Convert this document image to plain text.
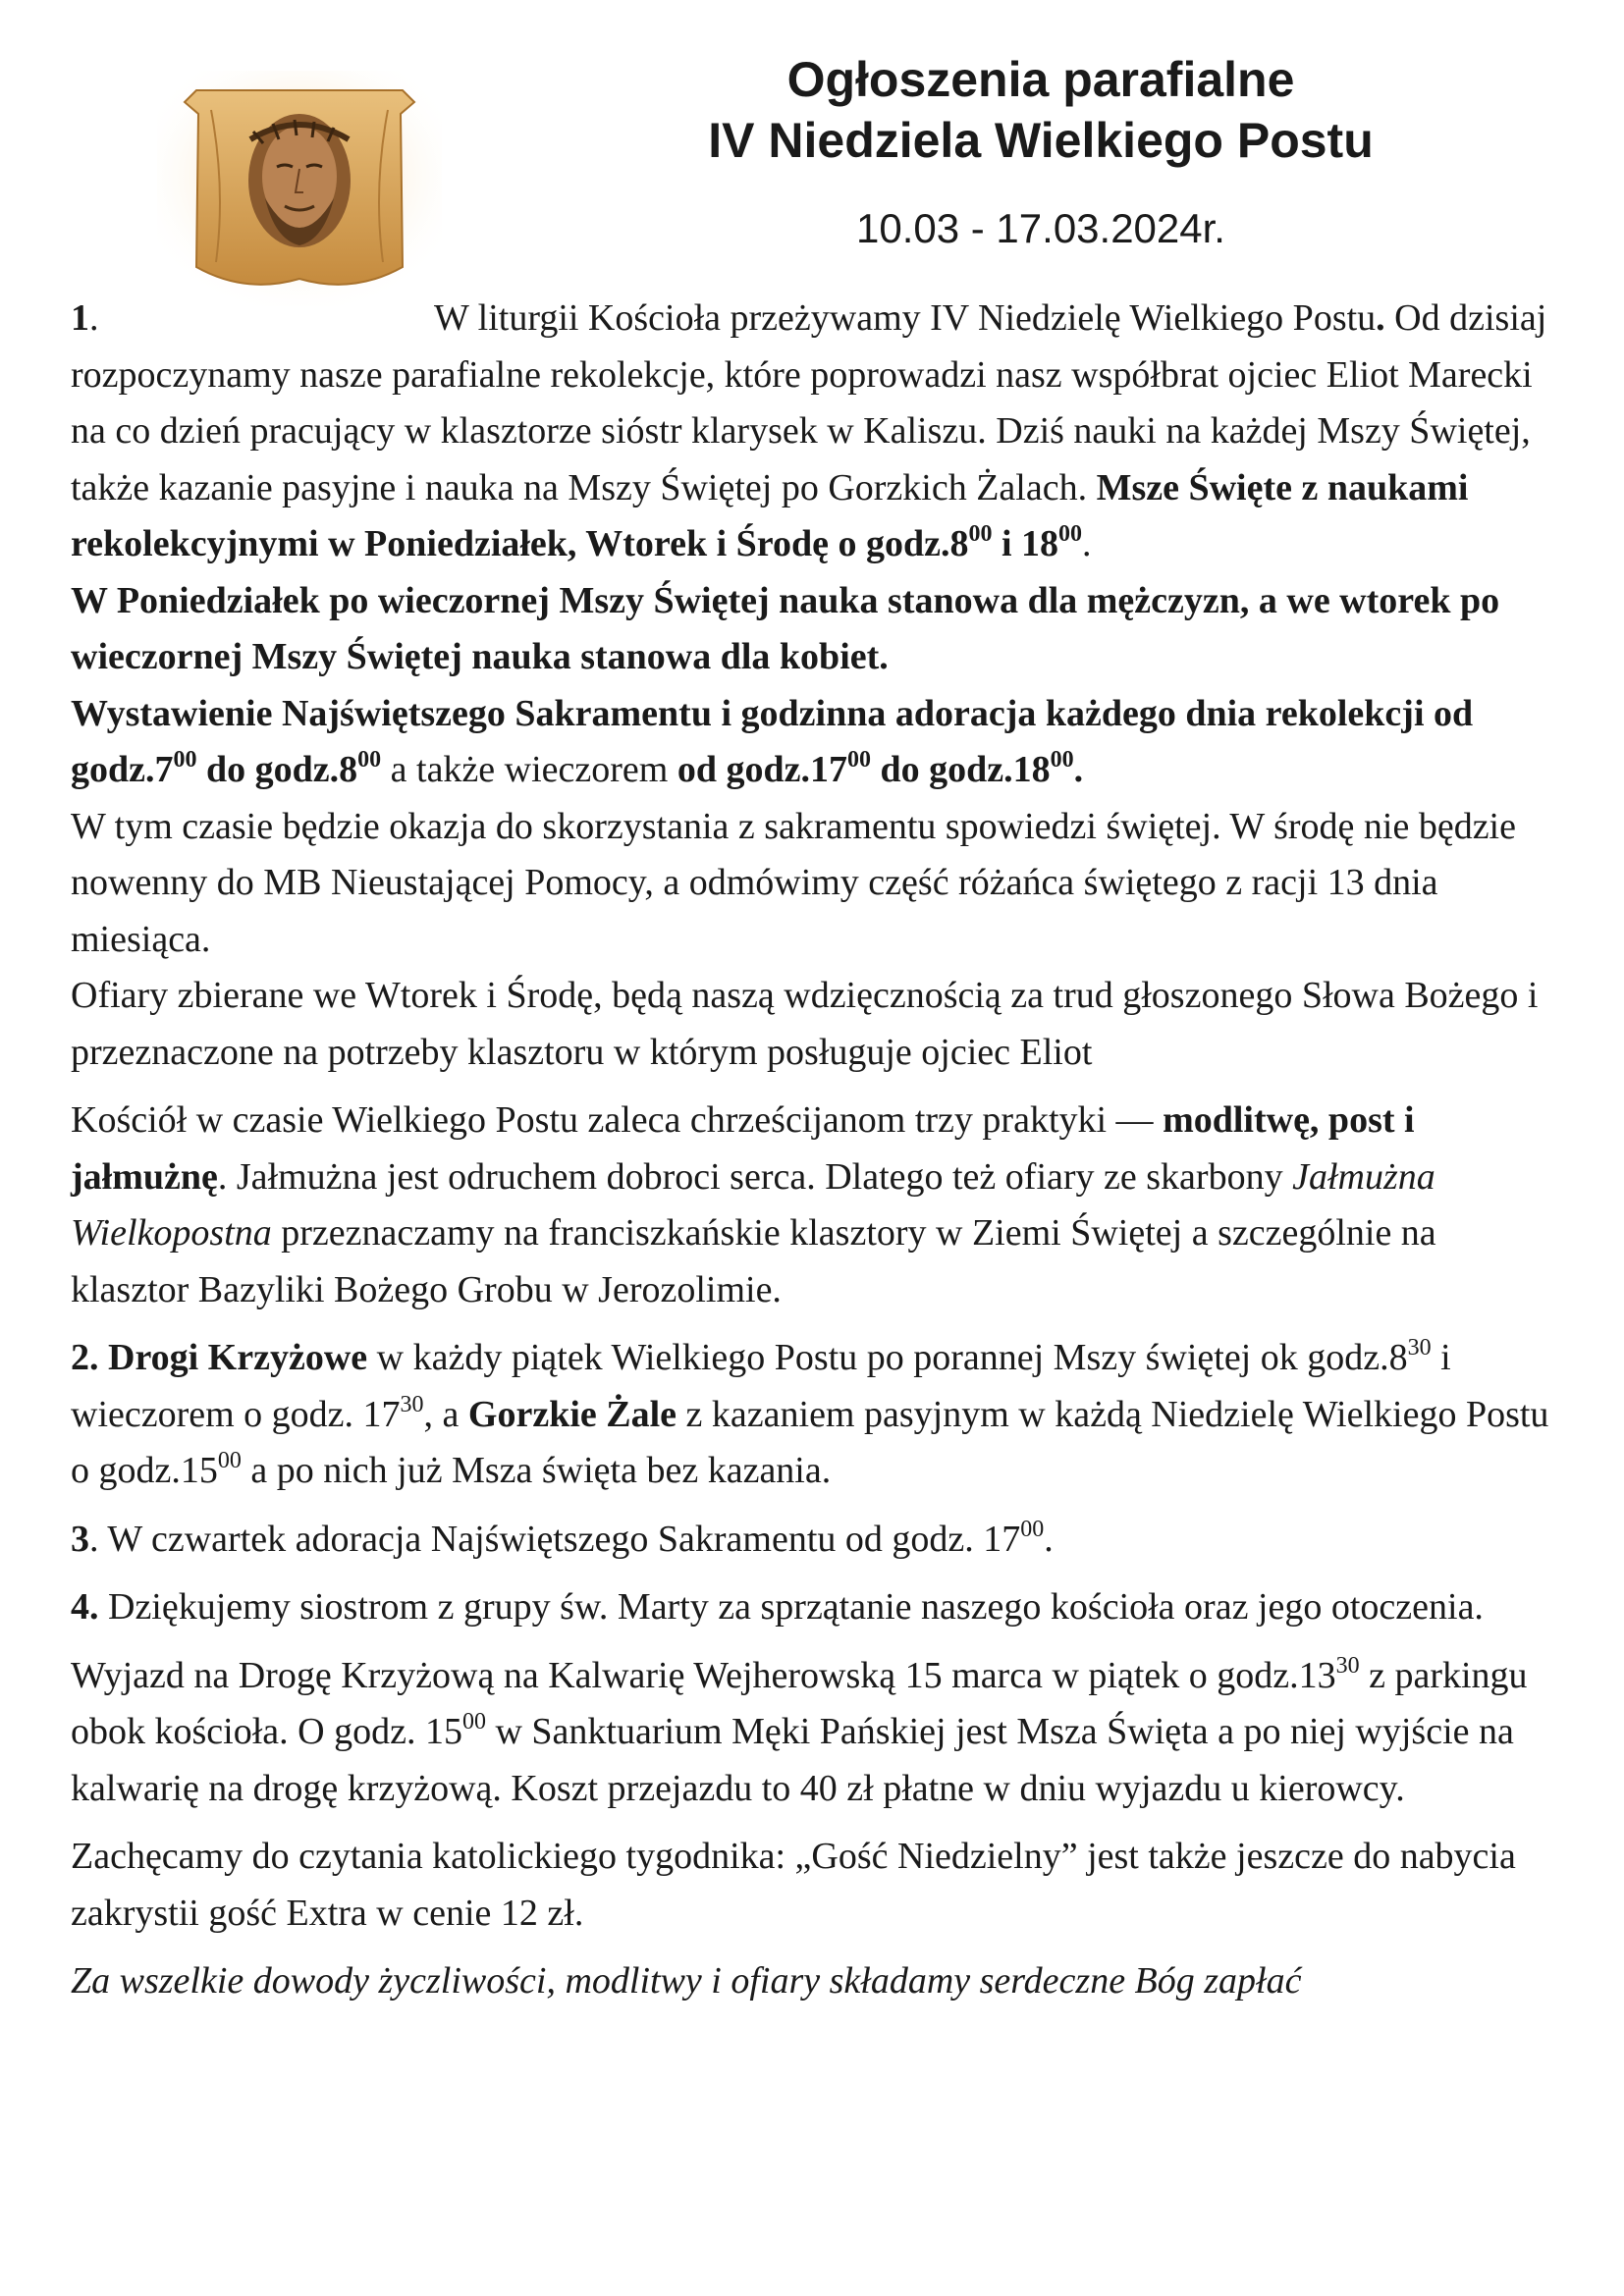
Ogłoszenia parafialne

IV Niedziela Wielkiego Postu

10.03 - 17.03.2024r.

1.	W liturgii Kościoła przeżywamy IV Niedzielę Wielkiego Postu. Od dzisiaj rozpoczynamy nasze parafialne rekolekcje, które poprowadzi nasz współbrat ojciec Eliot Marecki na co dzień pracujący w klasztorze sióstr klarysek w Kaliszu. Dziś nauki na każdej Mszy Świętej, także kazanie pasyjne i nauka na Mszy Świętej po Gorzkich Żalach. Msze Święte z naukami rekolekcyjnymi w Poniedziałek, Wtorek i Środę o $godz.8^{00}$ i $18^{00}$.

W Poniedziałek po wieczornej Mszy Świętej nauka stanowa dla mężczyzn, a we wtorek po wieczornej Mszy Świętej nauka stanowa dla kobiet.

Wystawienie Najświętszego Sakramentu i godzinna adoracja każdego dnia rekolekcji od $godz.7^{00}$ do $godz.8^{00}$ a także wieczorem od $godz.17^{00}$ do $godz.18^{00}$.

W tym czasie będzie okazja do skorzystania z sakramentu spowiedzi świętej. W środę nie będzie nowenny do MB Nieustającej Pomocy, a odmówimy część różańca świętego z racji 13 dnia miesiąca.

Ofiary zbierane we Wtorek i Środę, będą naszą wdzięcznością za trud głoszonego Słowa Bożego i przeznaczone na potrzeby klasztoru w którym posługuje ojciec Eliot

Kościół w czasie Wielkiego Postu zaleca chrześcijanom trzy praktyki — modlitwę, post i jałmużnę. Jałmużna jest odruchem dobroci serca. Dlatego też ofiary ze skarbony Jałmużna Wielkopostna przeznaczamy na franciszkańskie klasztory w Ziemi Świętej a szczególnie na klasztor Bazyliki Bożego Grobu w Jerozolimie.

2. Drogi Krzyżowe w każdy piątek Wielkiego Postu po porannej Mszy świętej ok $godz.8^{30}$ i wieczorem o godz. $17^{30}$, a Gorzkie Żale z kazaniem pasyjnym w każdą Niedzielę Wielkiego Postu o $godz.15^{00}$ a po nich już Msza święta bez kazania.

3. W czwartek adoracja Najświętszego Sakramentu od godz. $17^{00}$.

4. Dziękujemy siostrom z grupy św. Marty za sprzątanie naszego kościoła oraz jego otoczenia.

Wyjazd na Drogę Krzyżową na Kalwarię Wejherowską 15 marca w piątek o $godz.13^{30}$ z parkingu obok kościoła. O godz. $15^{00}$ w Sanktuarium Męki Pańskiej jest Msza Święta a po niej wyjście na kalwarię na drogę krzyżową. Koszt przejazdu to 40 zł płatne w dniu wyjazdu u kierowcy.

Zachęcamy do czytania katolickiego tygodnika: „Gość Niedzielny” jest także jeszcze do nabycia zakrystii gość Extra w cenie 12 zł.

Za wszelkie dowody życzliwości, modlitwy i ofiary składamy serdeczne Bóg zapłać
